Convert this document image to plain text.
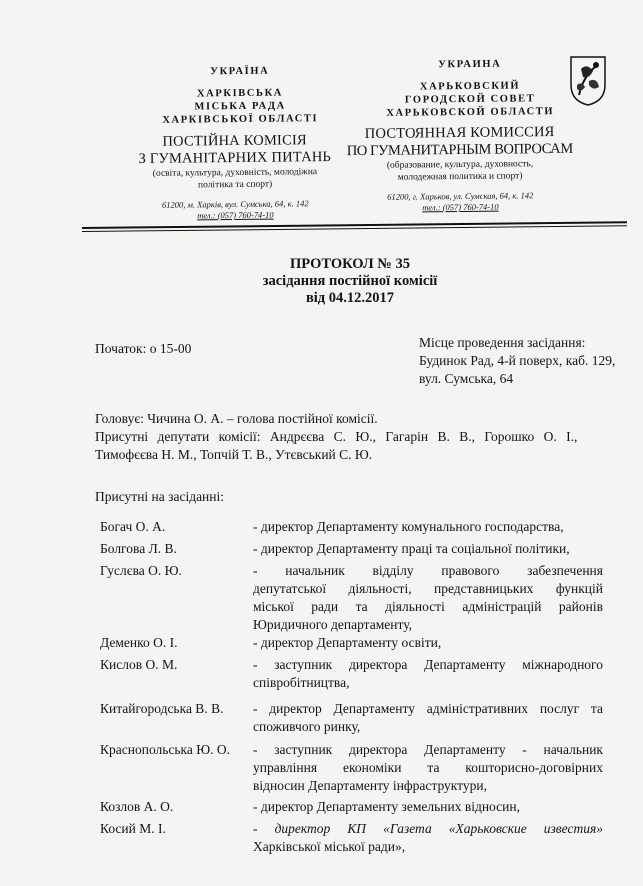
УКРАЇНА
ХАРКІВСЬКА
МІСЬКА РАДА
ХАРКІВСЬКОЇ ОБЛАСТІ
ПОСТІЙНА КОМІСІЯ
З ГУМАНІТАРНИХ ПИТАНЬ
(освіта, культура, духовність, молодіжна
політика та спорт)
61200, м. Харків, вул. Сумська, 64, к. 142
тел.: (057) 760-74-10
УКРАИНА
ХАРЬКОВСКИЙ
ГОРОДСКОЙ СОВЕТ
ХАРЬКОВСКОЙ ОБЛАСТИ
ПОСТОЯННАЯ КОМИССИЯ
ПО ГУМАНИТАРНЫМ ВОПРОСАМ
(образование, культура, духовность,
молодежная политика и спорт)
61200, г. Харьков, ул. Сумская, 64, к. 142
тел.: (057) 760-74-10
ПРОТОКОЛ № 35
засідання постійної комісії
від 04.12.2017
Початок: о 15-00	Місце проведення засідання:
Будинок Рад, 4-й поверх, каб. 129,
вул. Сумська, 64
Головує: Чичина О. А. – голова постійної комісії.
Присутні депутати комісії: Андрєєва С. Ю., Гагарін В. В., Горошко О. І.,
Тимофєєва Н. М., Топчій Т. В., Утєвський С. Ю.
Присутні на засіданні:
Богач О. А.	- директор Департаменту комунального господарства,
Болгова Л. В.	- директор Департаменту праці та соціальної політики,
Гуслєва О. Ю.	- начальник відділу правового забезпечення
депутатської діяльності, представницьких функцій
міської ради та діяльності адміністрацій районів
Юридичного департаменту,
Деменко О. І.	- директор Департаменту освіти,
Кислов О. М.	- заступник директора Департаменту міжнародного
співробітництва,
Китайгородська В. В. - директор Департаменту адміністративних послуг та
споживчого ринку,
Краснопольська Ю. О. - заступник директора Департаменту - начальник
управління економіки та кошторисно-договірних
відносин Департаменту інфраструктури,
Козлов А. О.	- директор Департаменту земельних відносин,
Косий М. І.	- директор КП «Газета «Харьковские известия»
Харківської міської ради»,
